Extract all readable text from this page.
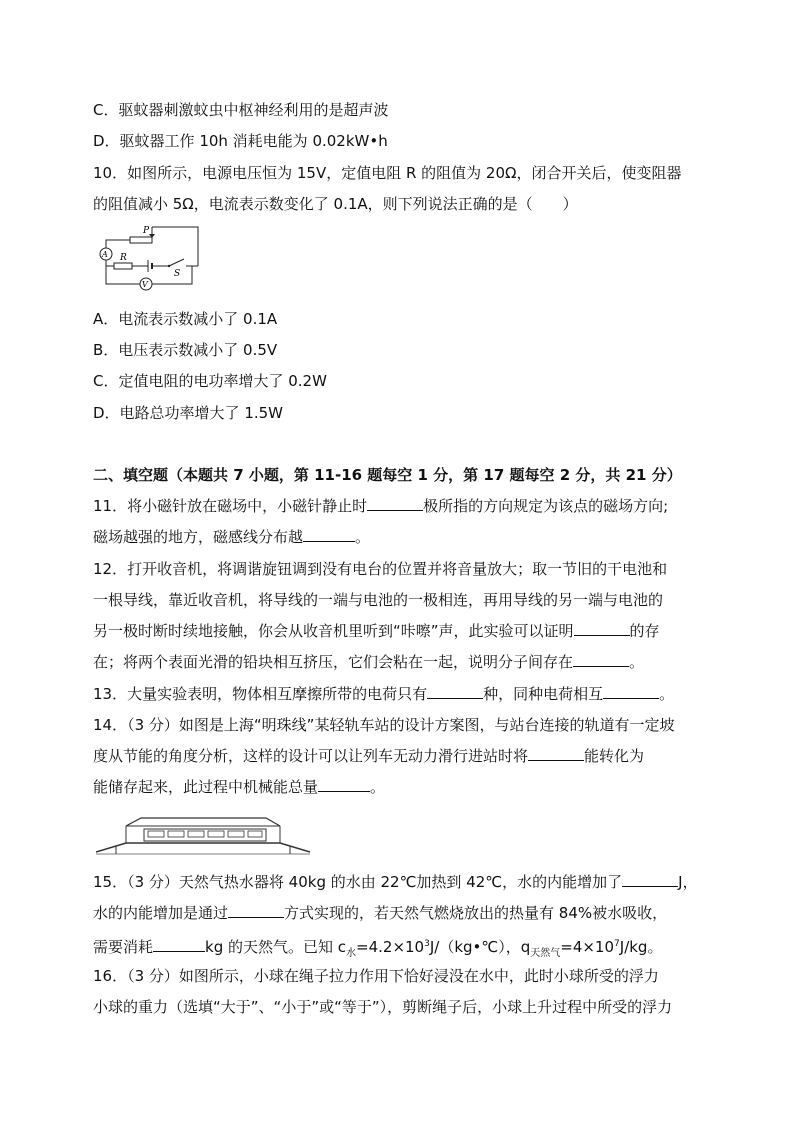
C．驱蚊器刺激蚊虫中枢神经利用的是超声波
D．驱蚊器工作 10h 消耗电能为 0.02kW•h
10．如图所示，电源电压恒为 15V，定值电阻 R 的阻值为 20Ω，闭合开关后，使变阻器
的阻值减小 5Ω，电流表示数变化了 0.1A，则下列说法正确的是（　　）
P
A R
S
V
A．电流表示数减小了 0.1A
B．电压表示数减小了 0.5V
C．定值电阻的电功率增大了 0.2W
D．电路总功率增大了 1.5W
二、填空题（本题共 7 小题，第 11-16 题每空 1 分，第 17 题每空 2 分，共 21 分）
11．将小磁针放在磁场中，小磁针静止时	极所指的方向规定为该点的磁场方向;
磁场越强的地方，磁感线分布越	。
12．打开收音机，将调谐旋钮调到没有电台的位置并将音量放大；取一节旧的干电池和
一根导线，靠近收音机，将导线的一端与电池的一极相连，再用导线的另一端与电池的
另一极时断时续地接触，你会从收音机里听到“咔嚓”声，此实验可以证明	的存
在；将两个表面光滑的铅块相互挤压，它们会粘在一起，说明分子间存在	。
13．大量实验表明，物体相互摩擦所带的电荷只有	种，同种电荷相互	。
14．（3 分）如图是上海“明珠线”某轻轨车站的设计方案图，与站台连接的轨道有一定坡
度从节能的角度分析，这样的设计可以让列车无动力滑行进站时将	能转化为
能储存起来，此过程中机械能总量	。
15．（3 分）天然气热水器将 40kg 的水由 22℃加热到 42℃，水的内能增加了	J，
水的内能增加是通过	方式实现的，若天然气燃烧放出的热量有 84%被水吸收，
需要消耗	kg 的天然气。已知 $c_水=4.2\times 10^3J/(kg•℃)$，$q_{天然气}=4\times 10^7J/kg$。
16．（3 分）如图所示，小球在绳子拉力作用下恰好浸没在水中，此时小球所受的浮力
小球的重力（选填“大于”、“小于”或“等于”），剪断绳子后，小球上升过程中所受的浮力
